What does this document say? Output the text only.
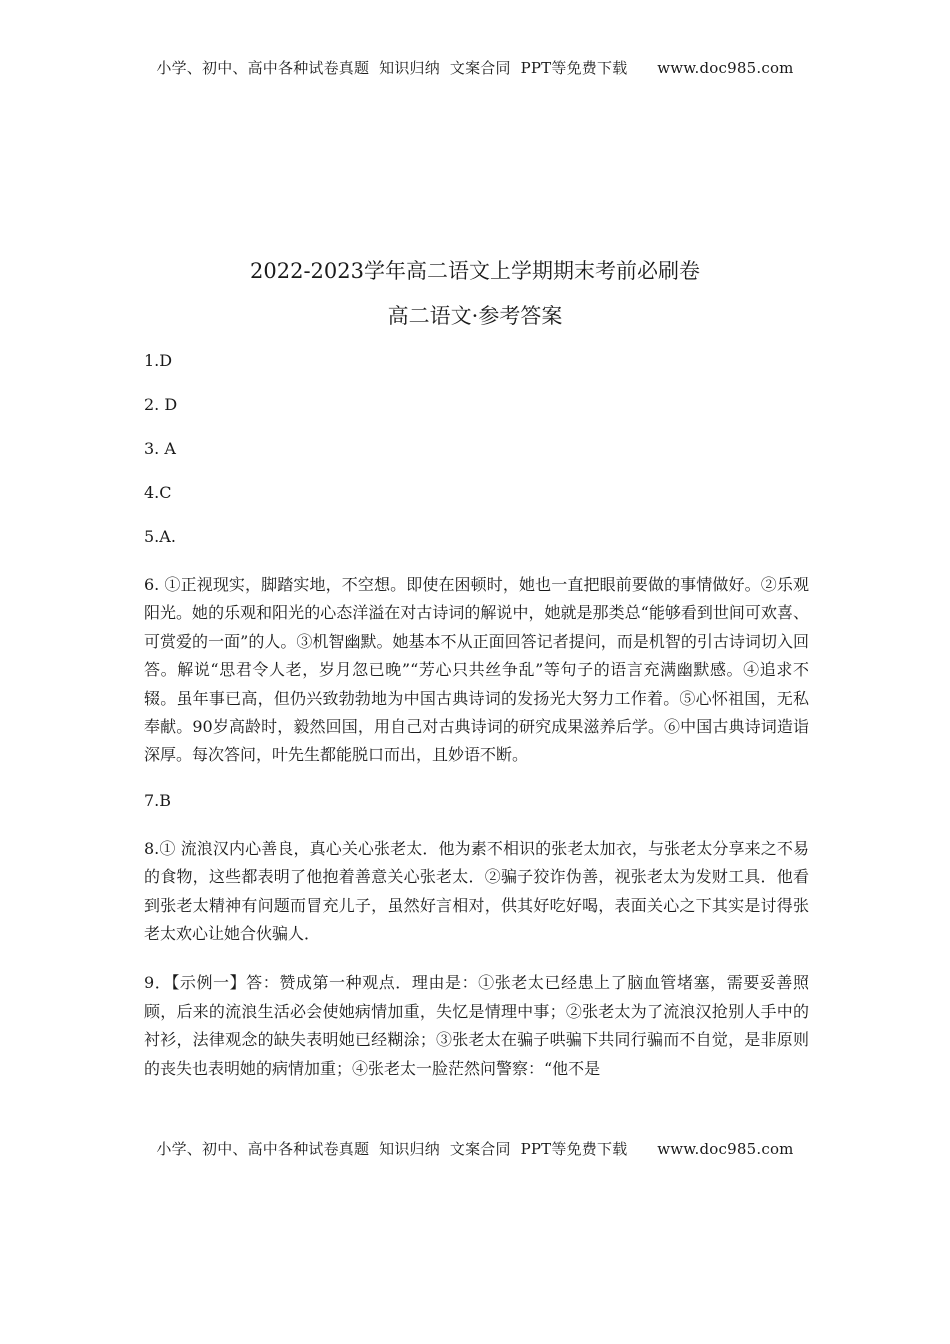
小学、初中、高中各种试卷真题  知识归纳  文案合同  PPT等免费下载      www.doc985.com
2022-2023学年高二语文上学期期末考前必刷卷
高二语文·参考答案

1.D

2. D

3. A

4.C

5.A.

6. ①正视现实，脚踏实地，不空想。即使在困顿时，她也一直把眼前要做的事情做好。②乐观阳光。她的乐观和阳光的心态洋溢在对古诗词的解说中，她就是那类总“能够看到世间可欢喜、可赏爱的一面”的人。③机智幽默。她基本不从正面回答记者提问，而是机智的引古诗词切入回答。解说“思君令人老，岁月忽已晚”“芳心只共丝争乱”等句子的语言充满幽默感。④追求不辍。虽年事已高，但仍兴致勃勃地为中国古典诗词的发扬光大努力工作着。⑤心怀祖国，无私奉献。90岁高龄时，毅然回国，用自己对古典诗词的研究成果滋养后学。⑥中国古典诗词造诣深厚。每次答问，叶先生都能脱口而出，且妙语不断。

7.B

8.① 流浪汉内心善良，真心关心张老太．他为素不相识的张老太加衣，与张老太分享来之不易的食物，这些都表明了他抱着善意关心张老太．②骗子狡诈伪善，视张老太为发财工具．他看到张老太精神有问题而冒充儿子，虽然好言相对，供其好吃好喝，表面关心之下其实是讨得张老太欢心让她合伙骗人．

9．【示例一】答：赞成第一种观点．理由是：①张老太已经患上了脑血管堵塞，需要妥善照顾，后来的流浪生活必会使她病情加重，失忆是情理中事；②张老太为了流浪汉抢别人手中的衬衫，法律观念的缺失表明她已经糊涂；③张老太在骗子哄骗下共同行骗而不自觉，是非原则的丧失也表明她的病情加重；④张老太一脸茫然问警察：“他不是

小学、初中、高中各种试卷真题  知识归纳  文案合同  PPT等免费下载      www.doc985.com
